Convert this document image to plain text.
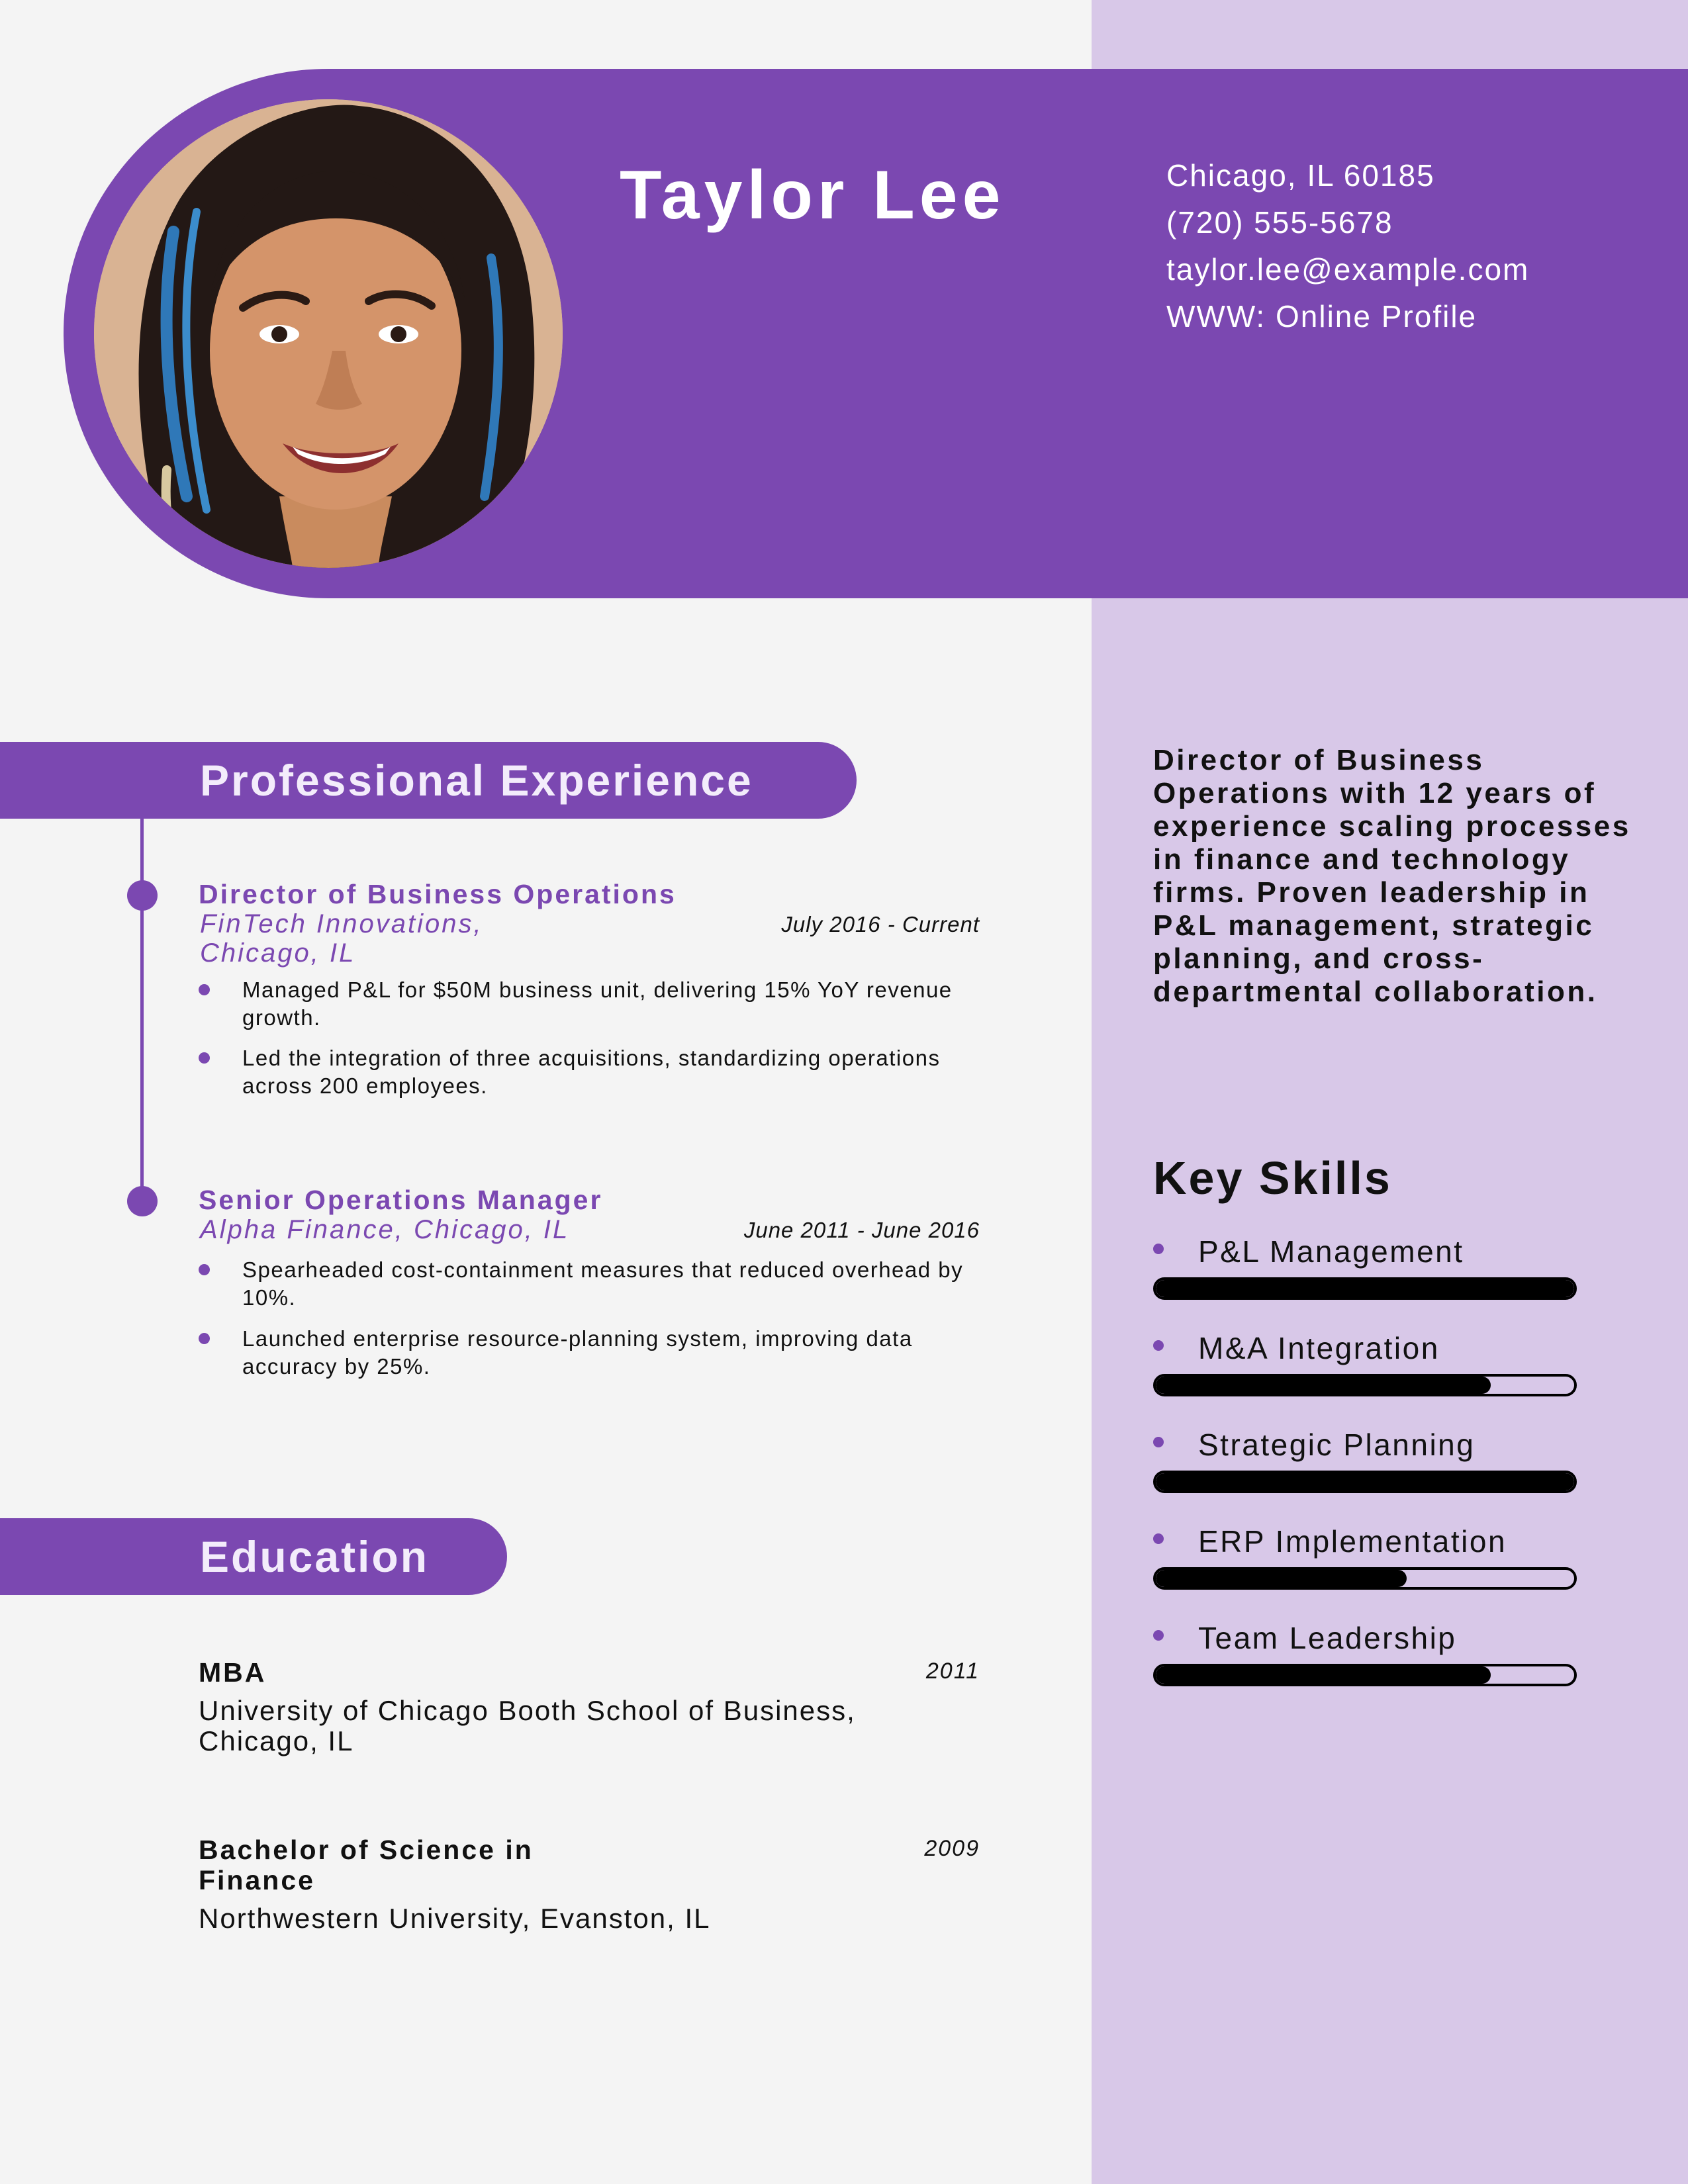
Taylor Lee	Chicago, IL 60185
(720) 555-5678
taylor.lee@example.com
WWW: Online Profile
Professional Experience
Director of Business Operations
FinTech Innovations,
Chicago, IL
July 2016 - Current
Managed P&L for $50M business unit, delivering 15% YoY revenue growth.
Led the integration of three acquisitions, standardizing operations across 200 employees.
Senior Operations Manager
Alpha Finance, Chicago, IL	June 2011 - June 2016
Spearheaded cost-containment measures that reduced overhead by 10%.
Launched enterprise resource-planning system, improving data accuracy by 25%.
Education
MBA	2011
University of Chicago Booth School of Business, Chicago, IL
Bachelor of Science in Finance
2009
Northwestern University, Evanston, IL
Director of Business Operations with 12 years of experience scaling processes in finance and technology firms. Proven leadership in P&L management, strategic planning, and cross-departmental collaboration.
Key Skills
P&L Management
M&A Integration
Strategic Planning
ERP Implementation
Team Leadership
